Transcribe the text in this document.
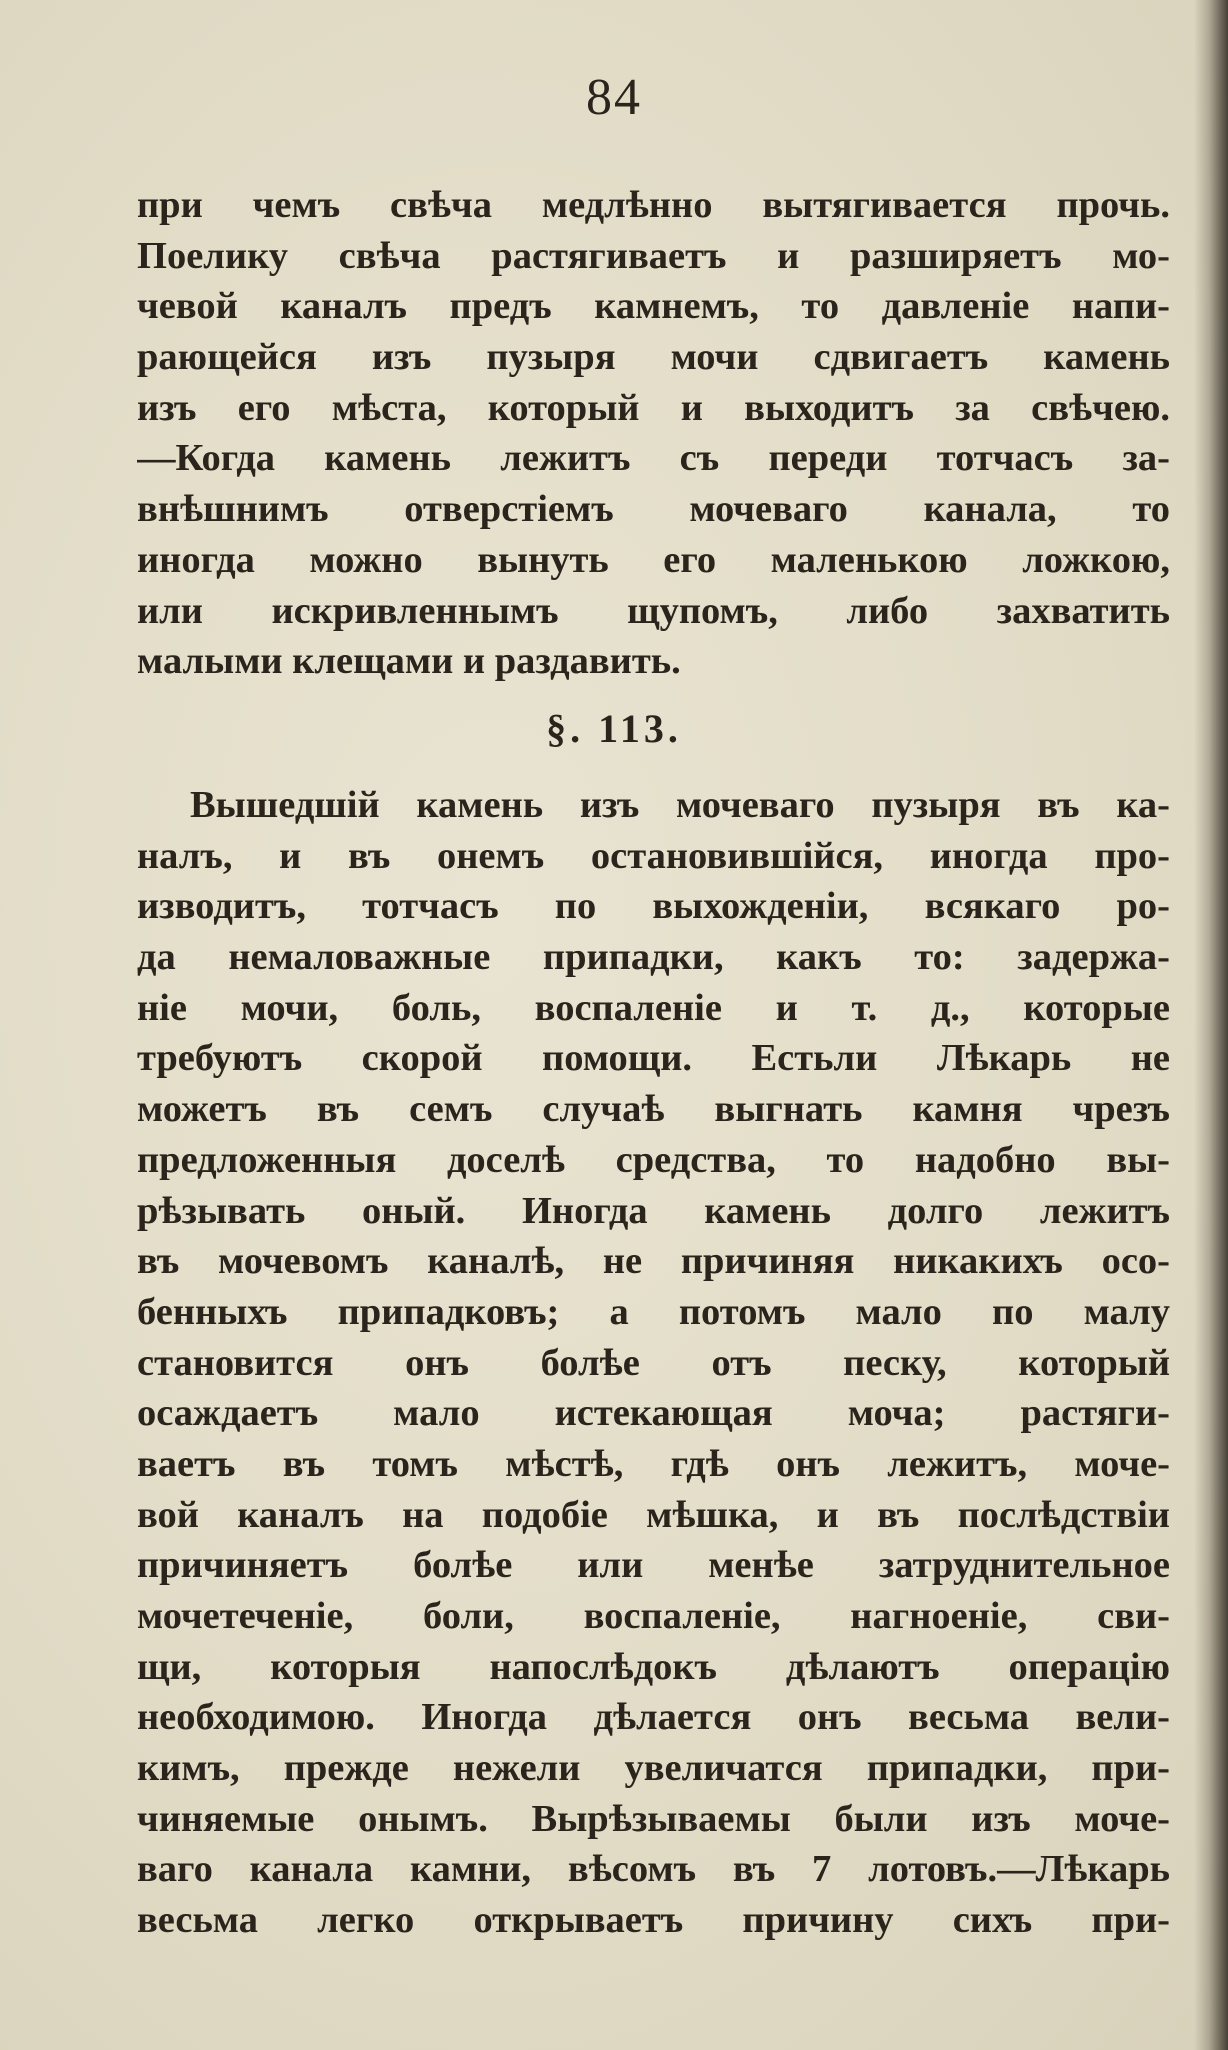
84
при чемъ свѣча медлѣнно вытягивается прочь.
Поелику свѣча растягиваетъ и разширяетъ мо-
чевой каналъ предъ камнемъ, то давленіе напи-
рающейся изъ пузыря мочи сдвигаетъ камень
изъ его мѣста, который и выходитъ за свѣчею.
—Когда камень лежитъ съ переди тотчасъ за-
внѣшнимъ отверстіемъ мочеваго канала, то
иногда можно вынуть его маленькою ложкою,
или искривленнымъ щупомъ, либо захватить
малыми клещами и раздавить.
§. 113.
Вышедшій камень изъ мочеваго пузыря въ ка-
налъ, и въ онемъ остановившійся, иногда про-
изводитъ, тотчасъ по выхожденіи, всякаго ро-
да немаловажные припадки, какъ то: задержа-
ніе мочи, боль, воспаленіе и т. д., которые
требуютъ скорой помощи. Естьли Лѣкарь не
можетъ въ семъ случаѣ выгнать камня чрезъ
предложенныя доселѣ средства, то надобно вы-
рѣзывать оный. Иногда камень долго лежитъ
въ мочевомъ каналѣ, не причиняя никакихъ осо-
бенныхъ припадковъ; а потомъ мало по малу
становится онъ болѣе отъ песку, который
осаждаетъ мало истекающая моча; растяги-
ваетъ въ томъ мѣстѣ, гдѣ онъ лежитъ, моче-
вой каналъ на подобіе мѣшка, и въ послѣдствіи
причиняетъ болѣе или менѣе затруднительное
мочетеченіе, боли, воспаленіе, нагноеніе, сви-
щи, которыя напослѣдокъ дѣлаютъ операцію
необходимою. Иногда дѣлается онъ весьма вели-
кимъ, прежде нежели увеличатся припадки, при-
чиняемые онымъ. Вырѣзываемы были изъ моче-
ваго канала камни, вѣсомъ въ 7 лотовъ.—Лѣкарь
весьма легко открываетъ причину сихъ при-
